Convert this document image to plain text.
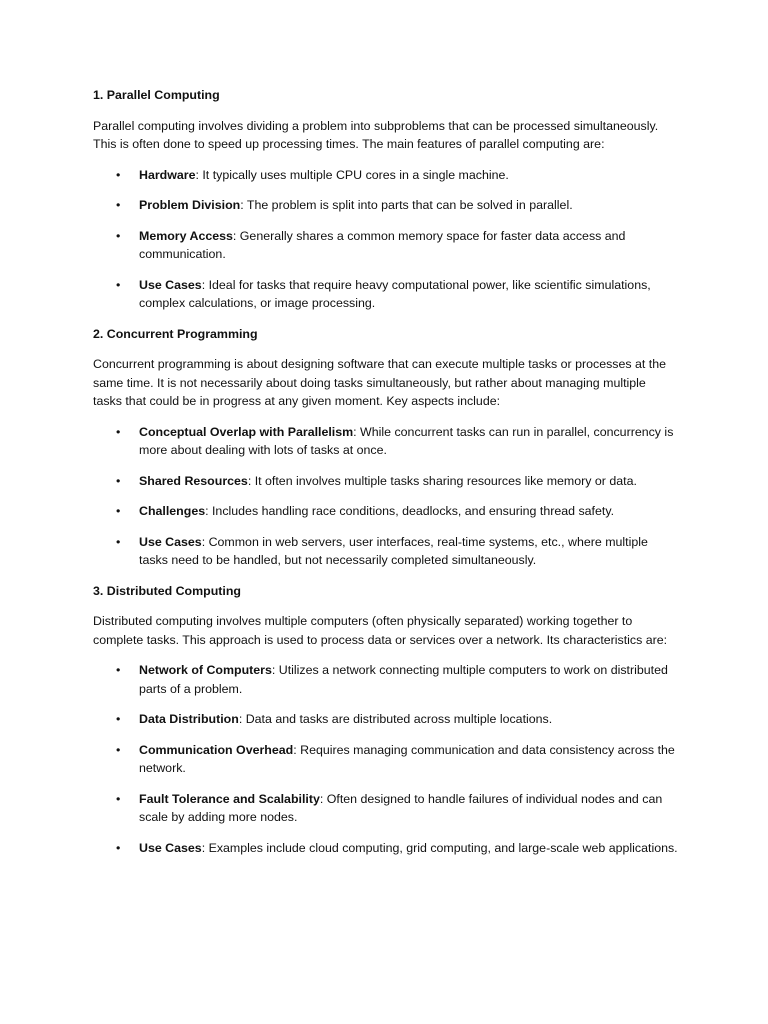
1. Parallel Computing

Parallel computing involves dividing a problem into subproblems that can be processed simultaneously. This is often done to speed up processing times. The main features of parallel computing are:

• Hardware: It typically uses multiple CPU cores in a single machine.
• Problem Division: The problem is split into parts that can be solved in parallel.
• Memory Access: Generally shares a common memory space for faster data access and communication.
• Use Cases: Ideal for tasks that require heavy computational power, like scientific simulations, complex calculations, or image processing.

2. Concurrent Programming

Concurrent programming is about designing software that can execute multiple tasks or processes at the same time. It is not necessarily about doing tasks simultaneously, but rather about managing multiple tasks that could be in progress at any given moment. Key aspects include:

• Conceptual Overlap with Parallelism: While concurrent tasks can run in parallel, concurrency is more about dealing with lots of tasks at once.
• Shared Resources: It often involves multiple tasks sharing resources like memory or data.
• Challenges: Includes handling race conditions, deadlocks, and ensuring thread safety.
• Use Cases: Common in web servers, user interfaces, real-time systems, etc., where multiple tasks need to be handled, but not necessarily completed simultaneously.

3. Distributed Computing

Distributed computing involves multiple computers (often physically separated) working together to complete tasks. This approach is used to process data or services over a network. Its characteristics are:

• Network of Computers: Utilizes a network connecting multiple computers to work on distributed parts of a problem.
• Data Distribution: Data and tasks are distributed across multiple locations.
• Communication Overhead: Requires managing communication and data consistency across the network.
• Fault Tolerance and Scalability: Often designed to handle failures of individual nodes and can scale by adding more nodes.
• Use Cases: Examples include cloud computing, grid computing, and large-scale web applications.
